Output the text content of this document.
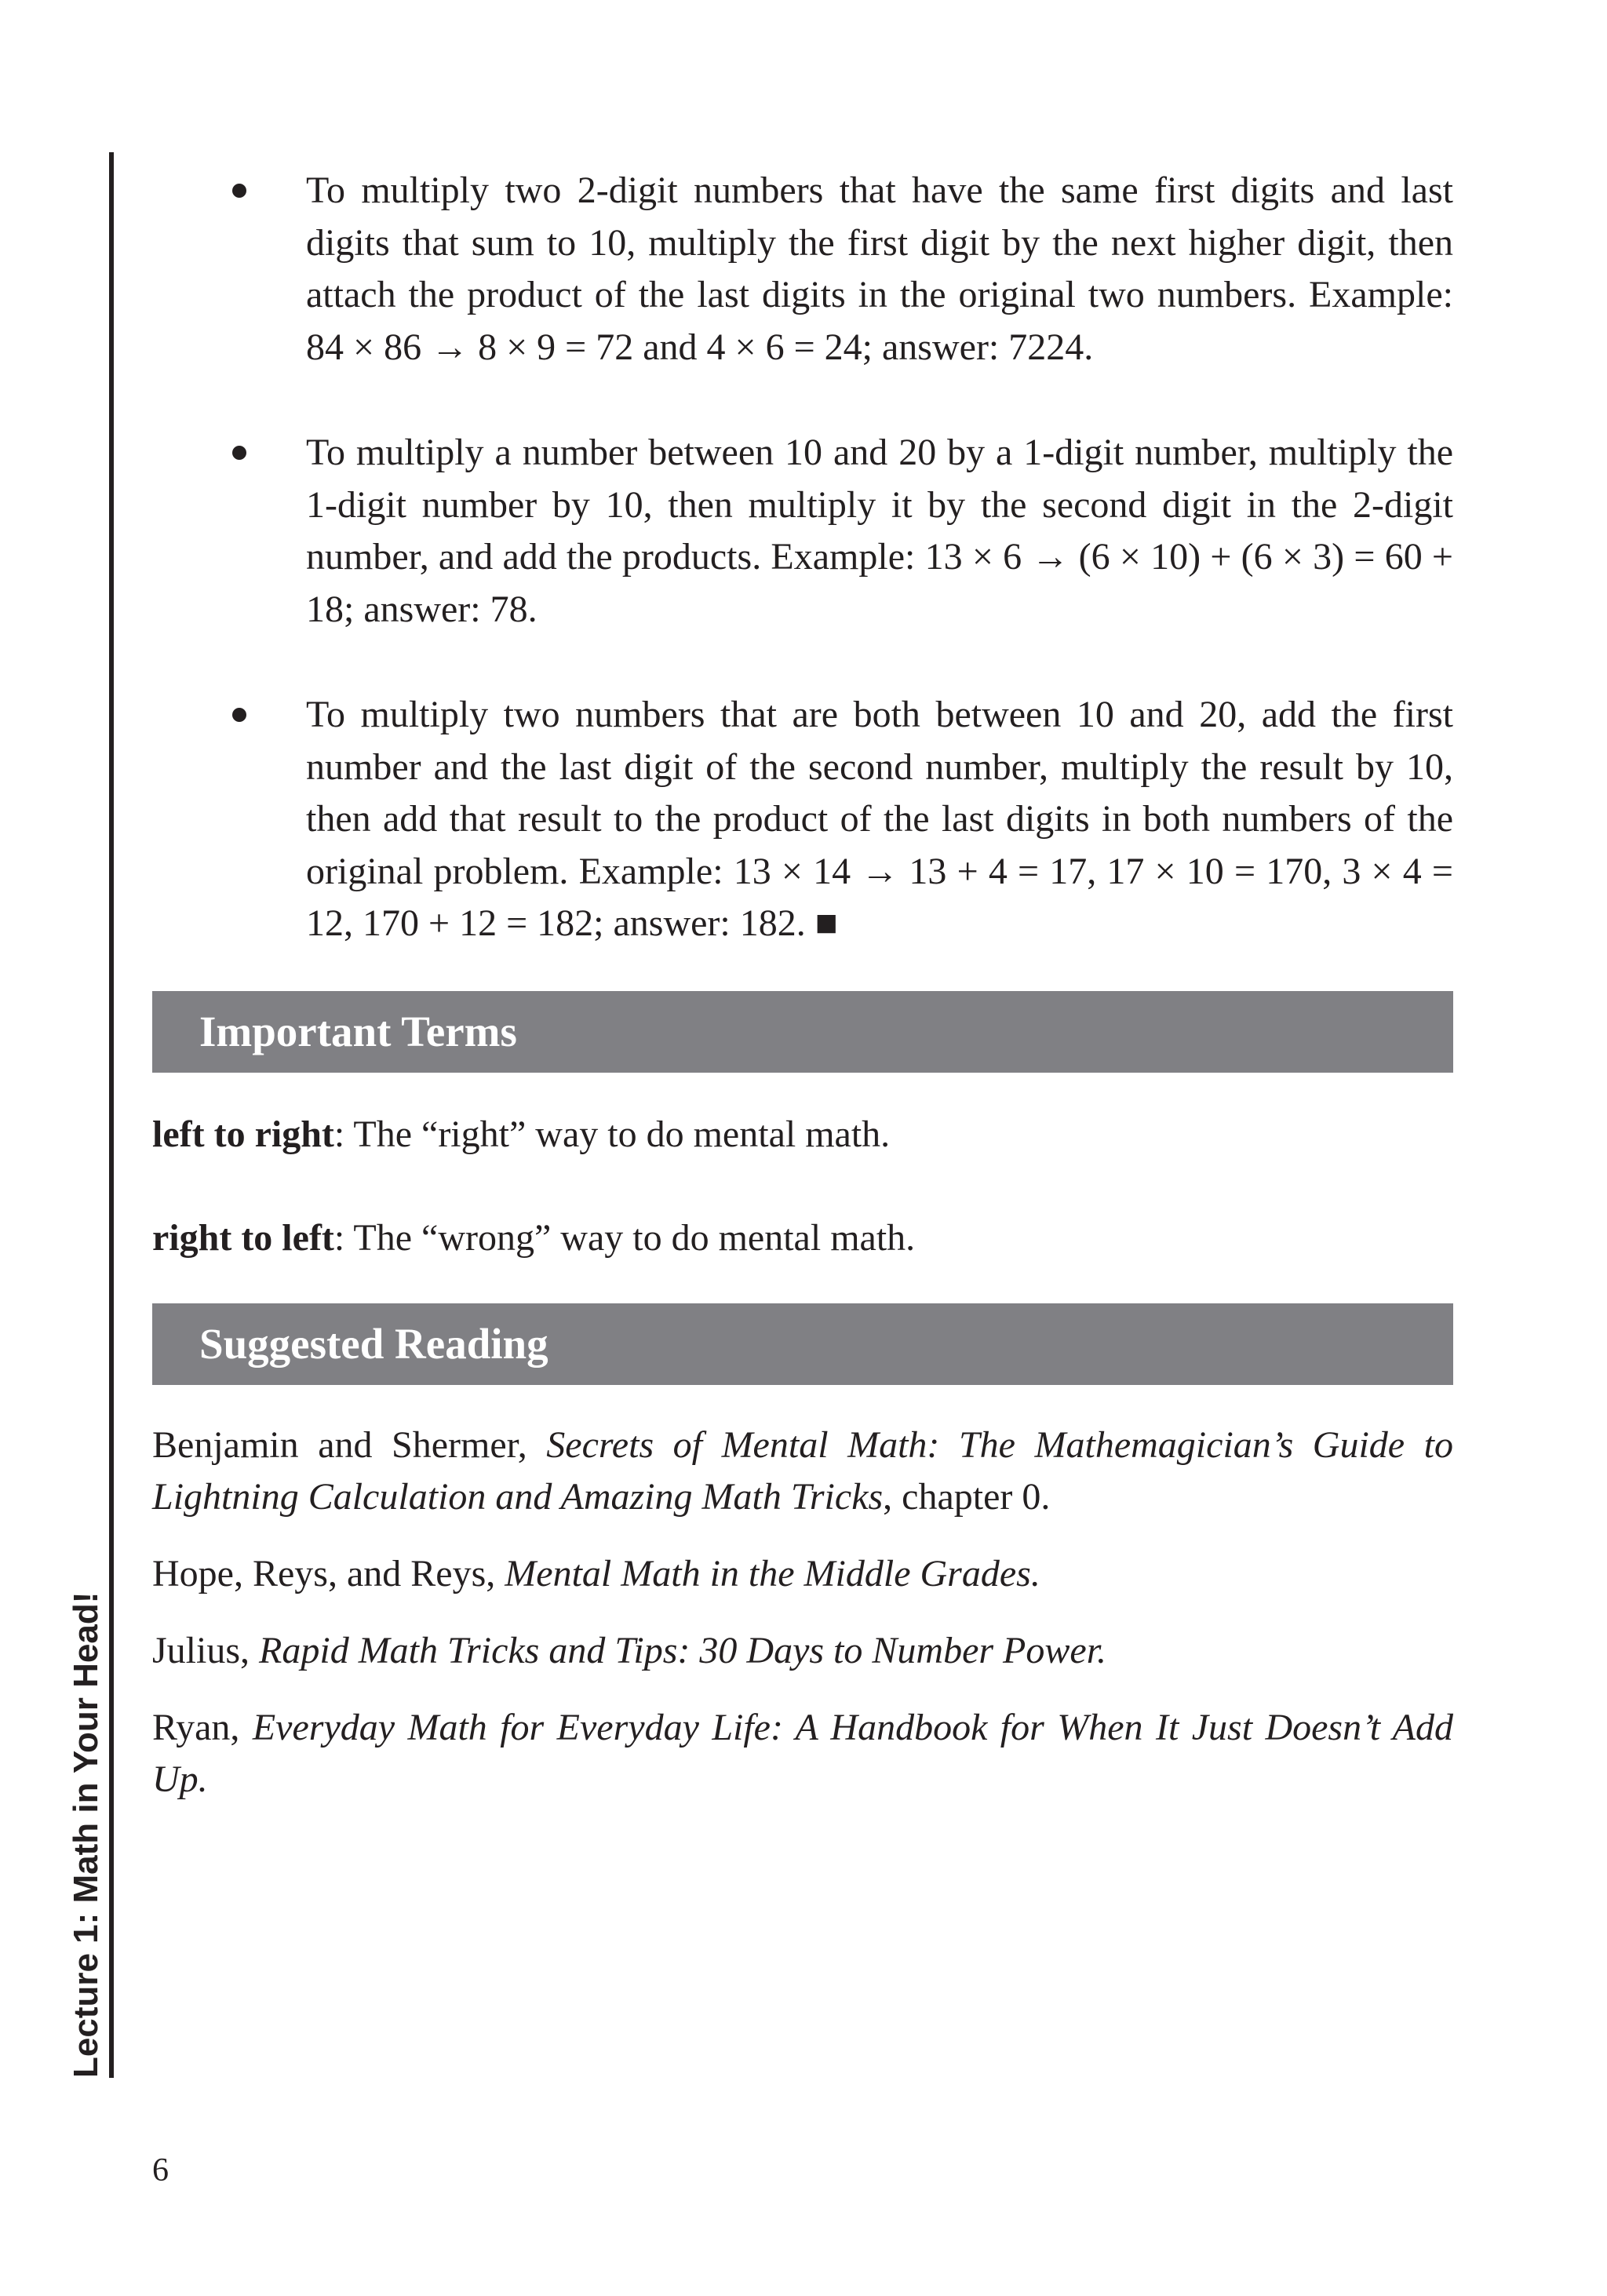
Lecture 1: Math in Your Head!
To multiply two 2-digit numbers that have the same first digits and last digits that sum to 10, multiply the first digit by the next higher digit, then attach the product of the last digits in the original two numbers. Example: 84 × 86 → 8 × 9 = 72 and 4 × 6 = 24; answer: 7224.
To multiply a number between 10 and 20 by a 1-digit number, multiply the 1-digit number by 10, then multiply it by the second digit in the 2-digit number, and add the products. Example: 13 × 6 → (6 × 10) + (6 × 3) = 60 + 18; answer: 78.
To multiply two numbers that are both between 10 and 20, add the first number and the last digit of the second number, multiply the result by 10, then add that result to the product of the last digits in both numbers of the original problem. Example: 13 × 14 → 13 + 4 = 17, 17 × 10 = 170, 3 × 4 = 12, 170 + 12 = 182; answer: 182. ■
Important Terms

left to right: The “right” way to do mental math.

right to left: The “wrong” way to do mental math.

Suggested Reading

Benjamin and Shermer, Secrets of Mental Math: The Mathemagician’s Guide to Lightning Calculation and Amazing Math Tricks, chapter 0.

Hope, Reys, and Reys, Mental Math in the Middle Grades.

Julius, Rapid Math Tricks and Tips: 30 Days to Number Power.

Ryan, Everyday Math for Everyday Life: A Handbook for When It Just Doesn’t Add Up.

6
